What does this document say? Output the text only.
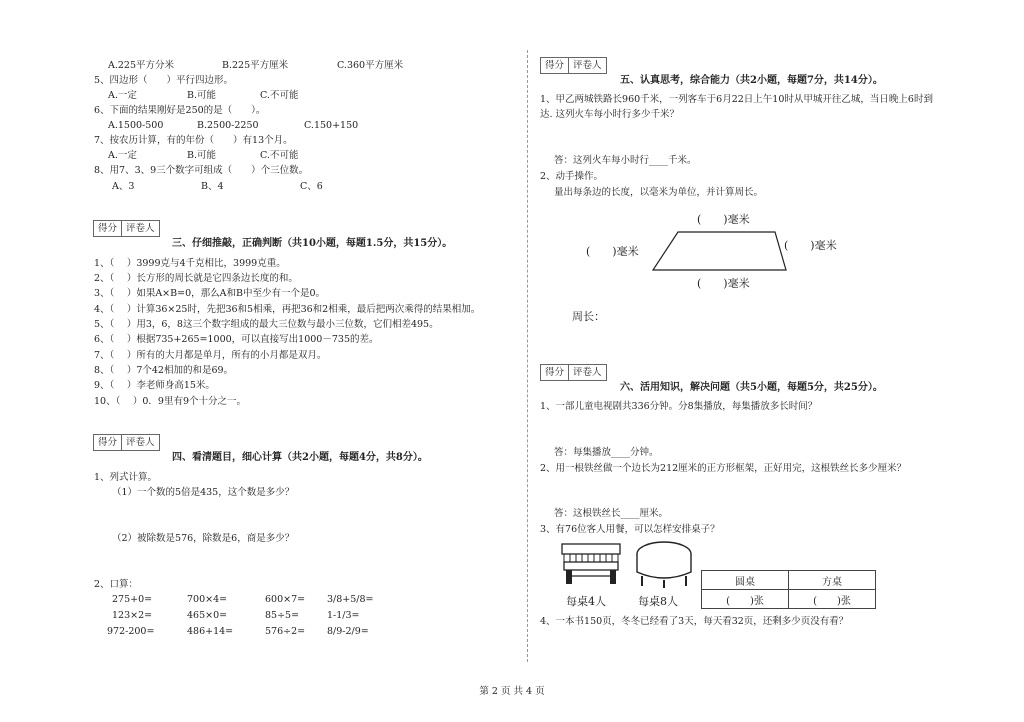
A.225平方分米	B.225平方厘米	C.360平方厘米
5、四边形（　　）平行四边形。
A.一定	B.可能	C.不可能
6、下面的结果刚好是250的是（　　）。
A.1500-500	B.2500-2250	C.150+150
7、按农历计算，有的年份（　　）有13个月。
A.一定	B.可能	C.不可能
8、用7、3、9三个数字可组成（　　）个三位数。
A、3	B、4	C、6
得分 评卷人
三、仔细推敲，正确判断（共10小题，每题1.5分，共15分）。
1、（　 ）3999克与4千克相比，3999克重。
2、（　 ）长方形的周长就是它四条边长度的和。
3、（　 ）如果A×B=0，那么A和B中至少有一个是0。
4、（　 ）计算36×25时，先把36和5相乘，再把36和2相乘，最后把两次乘得的结果相加。
5、（　 ）用3，6，8这三个数字组成的最大三位数与最小三位数，它们相差495。
6、（　 ）根据735+265=1000，可以直接写出1000－735的差。
7、（　 ）所有的大月都是单月，所有的小月都是双月。
8、（　 ）7个42相加的和是69。
9、（　 ）李老师身高15米。
10、（　 ）0．9里有9个十分之一。
得分 评卷人
四、看清题目，细心计算（共2小题，每题4分，共8分）。
1、列式计算。
（1）一个数的5倍是435，这个数是多少？
（2）被除数是576，除数是6，商是多少？
2、口算：
275+0=	700×4=	600×7= 3/8+5/8=
123×2=	465×0=	85÷5=	1-1/3=
972-200=	486+14=	576÷2= 8/9-2/9=
得分 评卷人
五、认真思考，综合能力（共2小题，每题7分，共14分）。
1、甲乙两城铁路长960千米，一列客车于6月22日上午10时从甲城开往乙城，当日晚上6时到
达. 这列火车每小时行多少千米？
答：这列火车每小时行____千米。
2、动手操作。
量出每条边的长度，以毫米为单位，并计算周长。
(　　)毫米
(　　)毫米	(　　)毫米
(　　)毫米
周长：
得分 评卷人
六、活用知识，解决问题（共5小题，每题5分，共25分）。
1、一部儿童电视剧共336分钟。分8集播放，每集播放多长时间？
答：每集播放____分钟。
2、用一根铁丝做一个边长为212厘米的正方形框架，正好用完，这根铁丝长多少厘米？
答：这根铁丝长____厘米。
3、有76位客人用餐，可以怎样安排桌子？
每桌4人	每桌8人
圆桌	方桌
(　　)张	(　　)张
4、一本书150页，冬冬已经看了3天，每天看32页，还剩多少页没有看？
第 2 页 共 4 页
